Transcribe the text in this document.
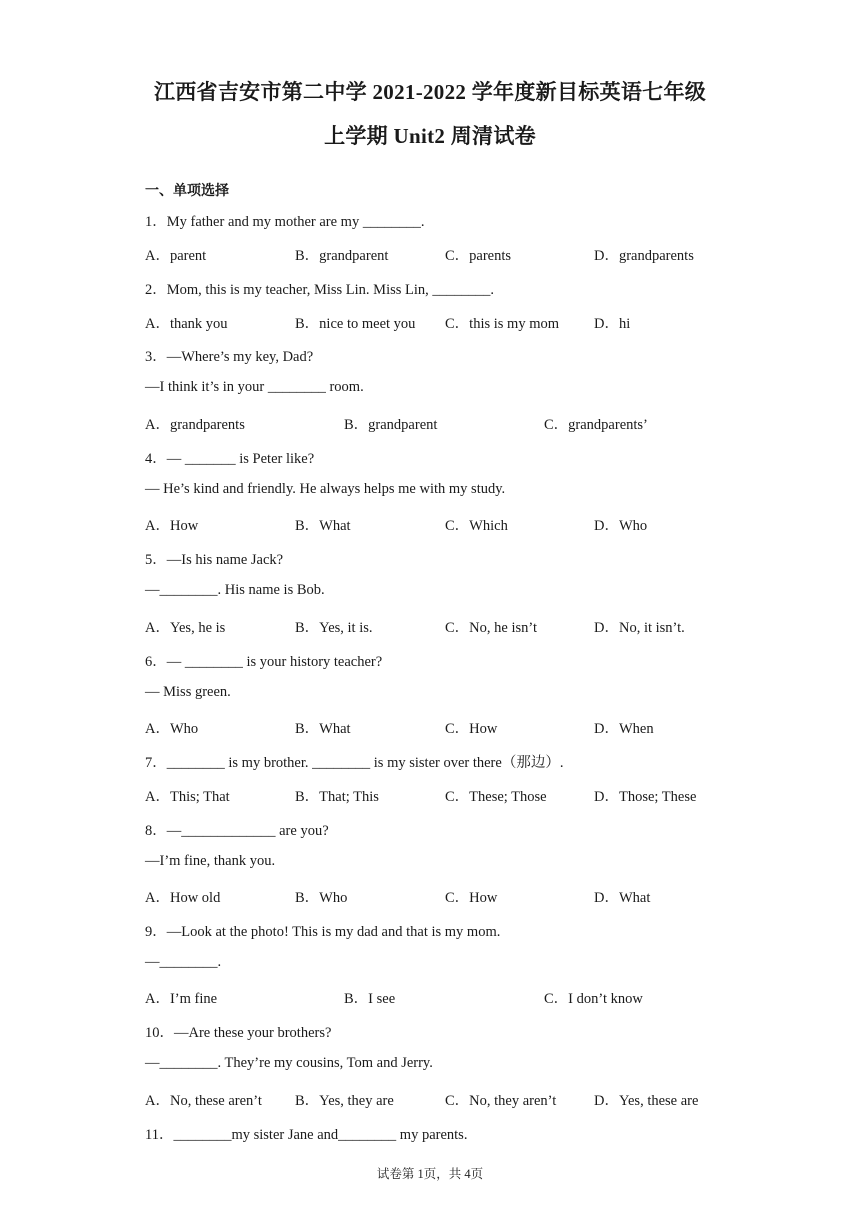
江西省吉安市第二中学 2021-2022 学年度新目标英语七年级
上学期 Unit2 周清试卷
一、单项选择
1．My father and my mother are my ________.
2．Mom, this is my teacher, Miss Lin. Miss Lin, ________.
3．—Where’s my key, Dad?
—I think it’s in your ________ room.
4．— _______ is Peter like?
— He’s kind and friendly. He always helps me with my study.
5．—Is his name Jack?
—________. His name is Bob.
6．— ________ is your history teacher?
— Miss green.
7．________ is my brother. ________ is my sister over there（那边）.
8．—_____________ are you?
—I’m fine, thank you.
9．—Look at the photo! This is my dad and that is my mom.
—________.
10．—Are these your brothers?
—________. They’re my cousins, Tom and Jerry.
11．________my sister Jane and________ my parents.
A．parent	B．grandparent	C．parents	D．grandparents
A．thank you	B．nice to meet you C．this is my mom D．hi
A．grandparents	B．grandparent	C．grandparents’
A．How	B．What	C．Which	D．Who
A．Yes, he is	B．Yes, it is.	C．No, he isn’t	D．No, it isn’t.
A．Who	B．What	C．How	D．When
A．This; That	B．That; This	C．These; Those	D．Those; These
A．How old	B．Who	C．How	D．What
A．I’m fine	B．I see	C．I don’t know
A．No, these aren’t B．Yes, they are	C．No, they aren’t	D．Yes, these are
试卷第 1页，共 4页
